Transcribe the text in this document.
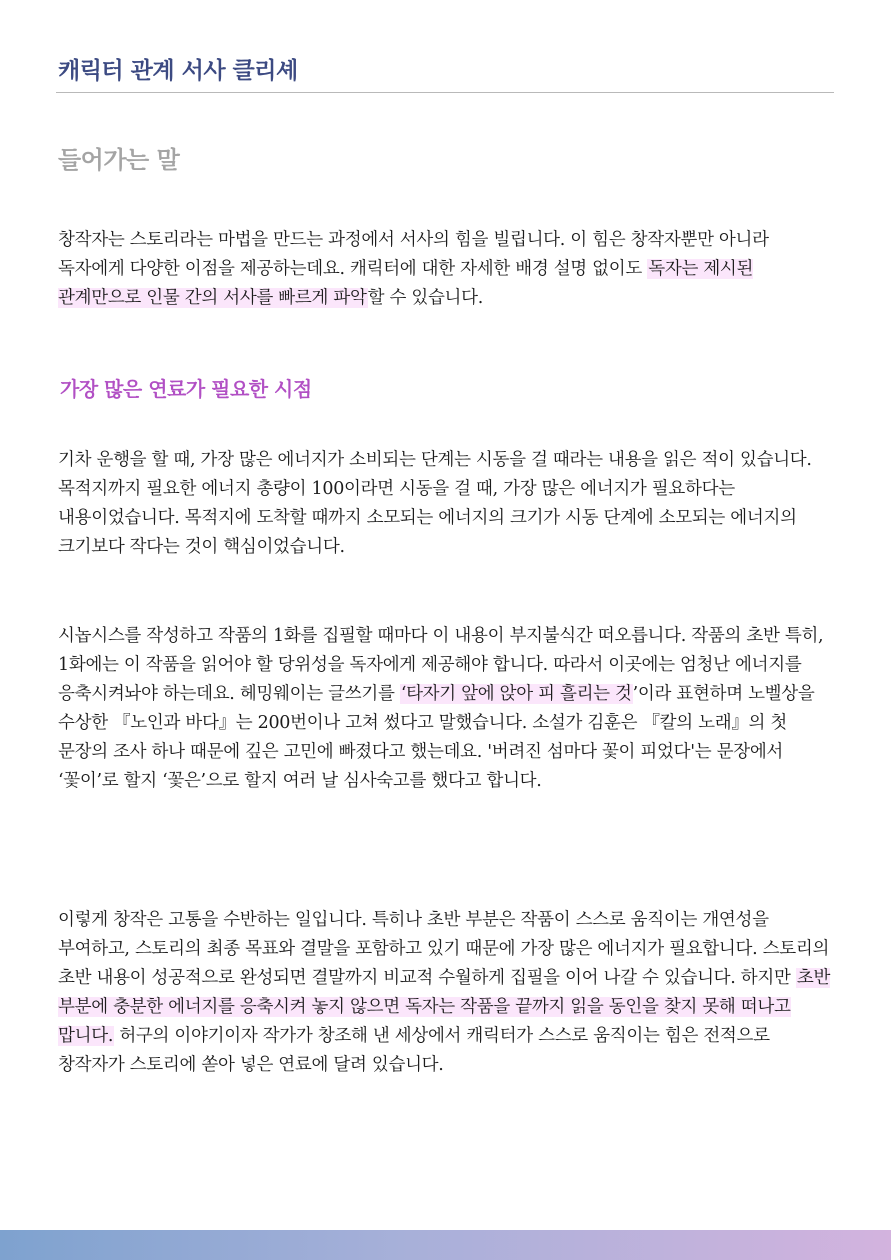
캐릭터 관계 서사 클리셰
들어가는 말

창작자는 스토리라는 마법을 만드는 과정에서 서사의 힘을 빌립니다. 이 힘은 창작자뿐만 아니라 독자에게 다양한 이점을 제공하는데요. 캐릭터에 대한 자세한 배경 설명 없이도 독자는 제시된 관계만으로 인물 간의 서사를 빠르게 파악할 수 있습니다.

가장 많은 연료가 필요한 시점

기차 운행을 할 때, 가장 많은 에너지가 소비되는 단계는 시동을 걸 때라는 내용을 읽은 적이 있습니다. 목적지까지 필요한 에너지 총량이 100이라면 시동을 걸 때, 가장 많은 에너지가 필요하다는 내용이었습니다. 목적지에 도착할 때까지 소모되는 에너지의 크기가 시동 단계에 소모되는 에너지의 크기보다 작다는 것이 핵심이었습니다.

시놉시스를 작성하고 작품의 1화를 집필할 때마다 이 내용이 부지불식간 떠오릅니다. 작품의 초반 특히, 1화에는 이 작품을 읽어야 할 당위성을 독자에게 제공해야 합니다. 따라서 이곳에는 엄청난 에너지를 응축시켜놔야 하는데요. 헤밍웨이는 글쓰기를 ‘타자기 앞에 앉아 피 흘리는 것’이라 표현하며 노벨상을 수상한 『노인과 바다』는 200번이나 고쳐 썼다고 말했습니다. 소설가 김훈은 『칼의 노래』의 첫 문장의 조사 하나 때문에 깊은 고민에 빠졌다고 했는데요. '버려진 섬마다 꽃이 피었다'는 문장에서 ‘꽃이’로 할지 ‘꽃은’으로 할지 여러 날 심사숙고를 했다고 합니다.

이렇게 창작은 고통을 수반하는 일입니다. 특히나 초반 부분은 작품이 스스로 움직이는 개연성을 부여하고, 스토리의 최종 목표와 결말을 포함하고 있기 때문에 가장 많은 에너지가 필요합니다. 스토리의 초반 내용이 성공적으로 완성되면 결말까지 비교적 수월하게 집필을 이어 나갈 수 있습니다. 하지만 초반 부분에 충분한 에너지를 응축시켜 놓지 않으면 독자는 작품을 끝까지 읽을 동인을 찾지 못해 떠나고 맙니다. 허구의 이야기이자 작가가 창조해 낸 세상에서 캐릭터가 스스로 움직이는 힘은 전적으로 창작자가 스토리에 쏟아 넣은 연료에 달려 있습니다.
